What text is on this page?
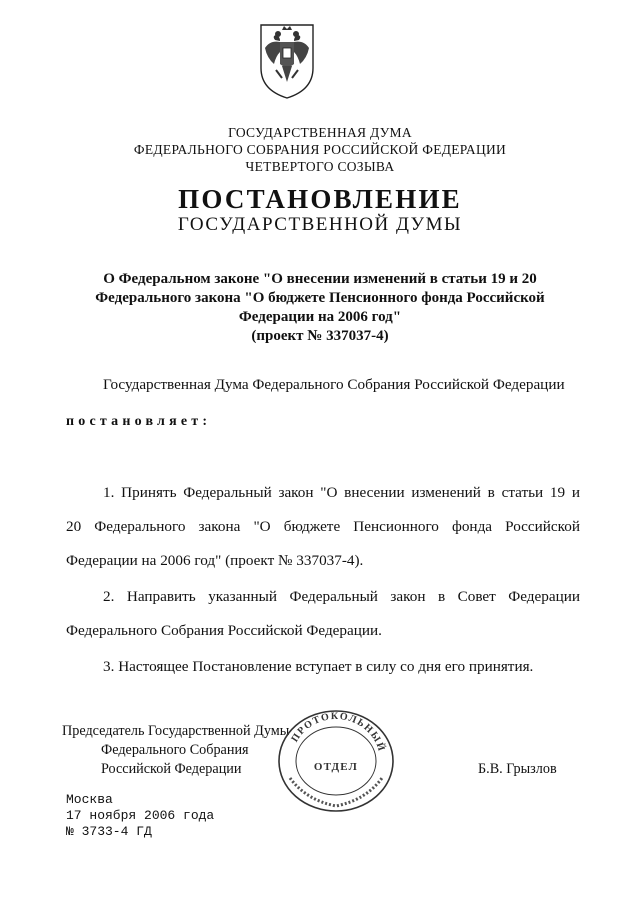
ГОСУДАРСТВЕННАЯ ДУМА
ФЕДЕРАЛЬНОГО СОБРАНИЯ РОССИЙСКОЙ ФЕДЕРАЦИИ
ЧЕТВЕРТОГО СОЗЫВА
ПОСТАНОВЛЕНИЕ
ГОСУДАРСТВЕННОЙ ДУМЫ
О Федеральном законе "О внесении изменений в статьи 19 и 20
Федерального закона "О бюджете Пенсионного фонда Российской
Федерации на 2006 год"
(проект № 337037-4)
Государственная Дума Федерального Собрания Российской Федерации
постановляет:
1. Принять Федеральный закон "О внесении изменений в статьи 19 и
20 Федерального закона "О бюджете Пенсионного фонда Российской
Федерации на 2006 год" (проект № 337037-4).
2. Направить указанный Федеральный закон в Совет Федерации
Федерального Собрания Российской Федерации.
3. Настоящее Постановление вступает в силу со дня его принятия.
Председатель Государственной Думы
Федерального Собрания
Российской Федерации	Б.В. Грызлов
ПРОТОКОЛЬНЫЙ
ОТДЕЛ
Москва
17 ноября 2006 года
№ 3733-4 ГД
